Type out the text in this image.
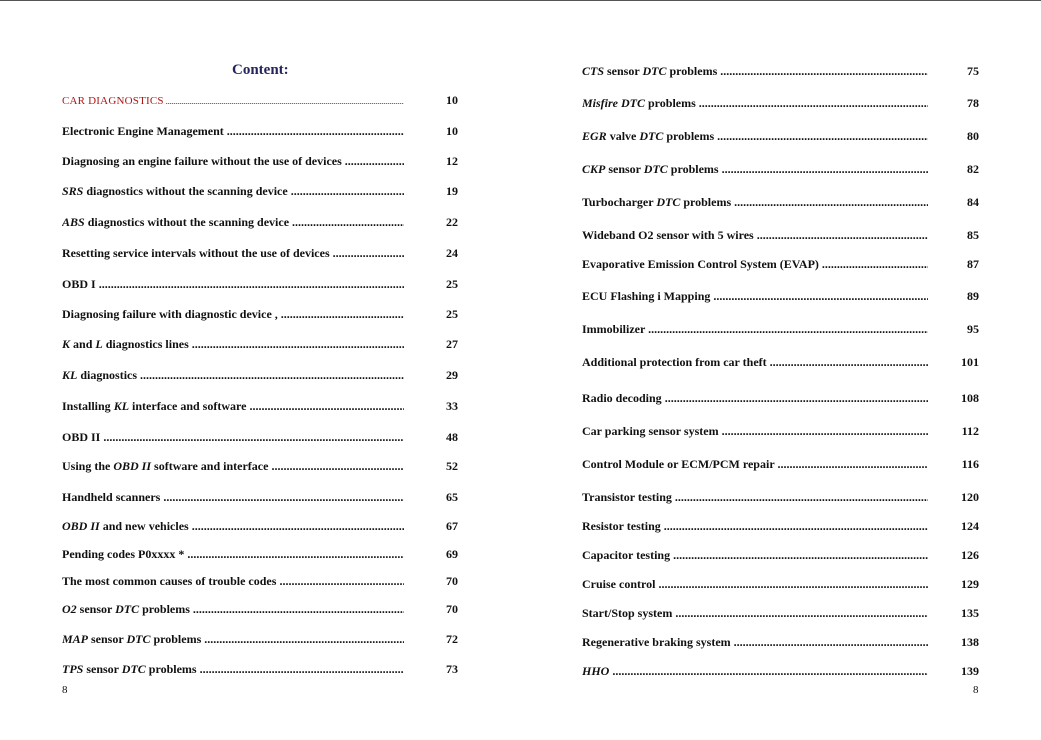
Content:
CAR DIAGNOSTICS .....	10
Electronic Engine Management .....	10
Diagnosing an engine failure without the use of devices .....	12
SRS diagnostics without the scanning device .....	19
ABS diagnostics without the scanning device .....	22
Resetting service intervals without the use of devices .....	24
OBD I .....	25
Diagnosing failure with diagnostic device , .....	25
K and L diagnostics lines .....	27
KL diagnostics .....	29
Installing KL interface and software .....	33
OBD II .....	48
Using the OBD II software and interface .....	52
Handheld scanners .....	65
OBD II and new vehicles .....	67
Pending codes P0xxxx * .....	69
The most common causes of trouble codes .....	70
O2 sensor DTC problems .....	70
MAP sensor DTC problems .....	72
TPS sensor DTC problems .....	73
8
CTS sensor DTC problems .....	75
Misfire DTC problems .....	78
EGR valve DTC problems .....	80
CKP sensor DTC problems .....	82
Turbocharger DTC problems .....	84
Wideband O2 sensor with 5 wires .....	85
Evaporative Emission Control System (EVAP) .....	87
ECU Flashing i Mapping .....	89
Immobilizer .....	95
Additional protection from car theft .....	101
Radio decoding .....	108
Car parking sensor system .....	112
Control Module or ECM/PCM repair .....	116
Transistor testing .....	120
Resistor testing .....	124
Capacitor testing .....	126
Cruise control .....	129
Start/Stop system .....	135
Regenerative braking system .....	138
HHO .....	139
8
